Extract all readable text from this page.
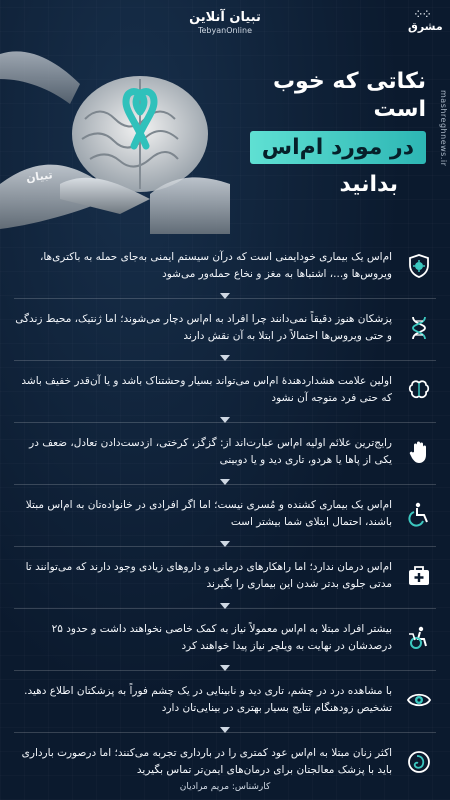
تبیان آنلاین
TebyanOnline
⁘⁘
مشرق
mashreghnews.ir
تبیان
نکاتی که خوب است
در مورد ام‌اس
بدانید
ام‌اس یک بیماری خودایمنی است که درآن سیستم ایمنی به‌جای حمله به باکتری‌ها، ویروس‌ها و...، اشتباها به مغز و نخاع حمله‌ور می‌شود
پزشکان هنوز دقیقاً نمی‌دانند چرا افراد به ام‌اس دچار می‌شوند؛ اما ژنتیک، محیط زندگی و حتی ویروس‌ها احتمالاً در ابتلا به آن نقش دارند
اولین علامت هشداردهندهٔ ام‌اس می‌تواند بسیار وحشتناک باشد و یا آن‌قدر خفیف باشد که حتی فرد متوجه آن نشود
رایج‌ترین علائم اولیه ام‌اس عبارت‌اند از: گزگز، کرختی، ازدست‌دادن تعادل، ضعف در یکی از پاها یا هردو، تاری دید و یا دوبینی
ام‌اس یک بیماری کشنده و مُسری نیست؛ اما اگر افرادی در خانواده‌تان به ام‌اس مبتلا باشند، احتمال ابتلای شما بیشتر است
ام‌اس درمان ندارد؛ اما راهکارهای درمانی و داروهای زیادی وجود دارند که می‌توانند تا مدتی جلوی بدتر شدن این بیماری را بگیرند
بیشتر افراد مبتلا به ام‌اس معمولاً نیاز به کمک خاصی نخواهند داشت و حدود ۲۵ درصدشان در نهایت به ویلچر نیاز پیدا خواهند کرد
با مشاهده درد در چشم، تاری دید و نابینایی در یک چشم فوراً به پزشکتان اطلاع دهید. تشخیص زودهنگام نتایج بسیار بهتری در بینایی‌تان دارد
اکثر زنان مبتلا به ام‌اس عود کمتری را در بارداری تجربه می‌کنند؛ اما درصورت بارداری باید با پزشک معالجتان برای درمان‌های ایمن‌تر تماس بگیرید
کارشناس: مریم مرادیان
